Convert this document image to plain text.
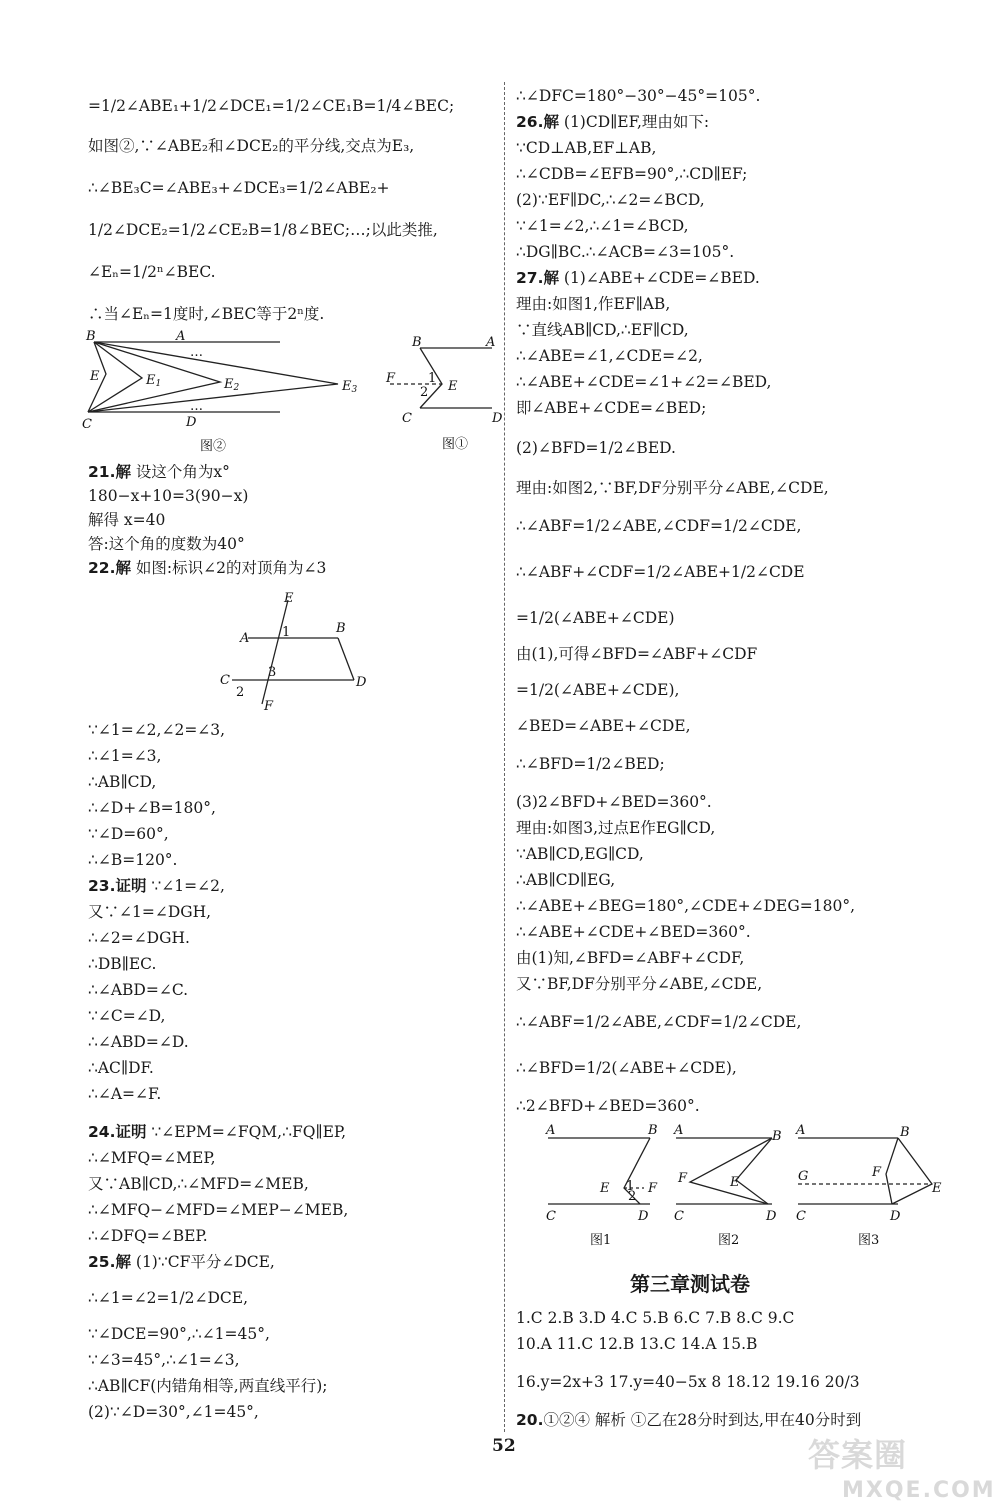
=1/2∠ABE₁+1/2∠DCE₁=1/2∠CE₁B=1/4∠BEC;
如图②,∵∠ABE₂和∠DCE₂的平分线,交点为E₃,
∴∠BE₃C=∠ABE₃+∠DCE₃=1/2∠ABE₂+
1/2∠DCE₂=1/2∠CE₂B=1/8∠BEC;…;以此类推,
∠Eₙ=1/2ⁿ∠BEC.
∴当∠Eₙ=1度时,∠BEC等于2ⁿ度.
21.解 设这个角为x°
180−x+10=3(90−x)
解得 x=40
答:这个角的度数为40°
22.解 如图:标识∠2的对顶角为∠3
∵∠1=∠2,∠2=∠3,
∴∠1=∠3,
∴AB∥CD,
∴∠D+∠B=180°,
∵∠D=60°,
∴∠B=120°.
23.证明 ∵∠1=∠2,
又∵∠1=∠DGH,
∴∠2=∠DGH.
∴DB∥EC.
∴∠ABD=∠C.
∵∠C=∠D,
∴∠ABD=∠D.
∴AC∥DF.
∴∠A=∠F.
24.证明 ∵∠EPM=∠FQM,∴FQ∥EP,
∴∠MFQ=∠MEP,
又∵AB∥CD,∴∠MFD=∠MEB,
∴∠MFQ−∠MFD=∠MEP−∠MEB,
∴∠DFQ=∠BEP.
25.解 (1)∵CF平分∠DCE,
∴∠1=∠2=1/2∠DCE,
∵∠DCE=90°,∴∠1=45°,
∵∠3=45°,∴∠1=∠3,
∴AB∥CF(内错角相等,两直线平行);
(2)∵∠D=30°,∠1=45°,
∴∠DFC=180°−30°−45°=105°.
26.解 (1)CD∥EF,理由如下:
∵CD⊥AB,EF⊥AB,
∴∠CDB=∠EFB=90°,∴CD∥EF;
(2)∵EF∥DC,∴∠2=∠BCD,
∵∠1=∠2,∴∠1=∠BCD,
∴DG∥BC.∴∠ACB=∠3=105°.
27.解 (1)∠ABE+∠CDE=∠BED.
理由:如图1,作EF∥AB,
∵直线AB∥CD,∴EF∥CD,
∴∠ABE=∠1,∠CDE=∠2,
∴∠ABE+∠CDE=∠1+∠2=∠BED,
即∠ABE+∠CDE=∠BED;
(2)∠BFD=1/2∠BED.
理由:如图2,∵BF,DF分别平分∠ABE,∠CDE,
∴∠ABF=1/2∠ABE,∠CDF=1/2∠CDE,
∴∠ABF+∠CDF=1/2∠ABE+1/2∠CDE
=1/2(∠ABE+∠CDE)
由(1),可得∠BFD=∠ABF+∠CDF
=1/2(∠ABE+∠CDE),
∠BED=∠ABE+∠CDE,
∴∠BFD=1/2∠BED;
(3)2∠BFD+∠BED=360°.
理由:如图3,过点E作EG∥CD,
∵AB∥CD,EG∥CD,
∴AB∥CD∥EG,
∴∠ABE+∠BEG=180°,∠CDE+∠DEG=180°,
∴∠ABE+∠CDE+∠BED=360°.
由(1)知,∠BFD=∠ABF+∠CDF,
又∵BF,DF分别平分∠ABE,∠CDE,
∴∠ABF=1/2∠ABE,∠CDF=1/2∠CDE,
∴∠BFD=1/2(∠ABE+∠CDE),
∴2∠BFD+∠BED=360°.
1.C 2.B 3.D 4.C 5.B 6.C 7.B 8.C 9.C
10.A 11.C 12.B 13.C 14.A 15.B
16.y=2x+3 17.y=40−5x 8 18.12 19.16 20/3
20.①②④ 解析 ①乙在28分时到达,甲在40分时到
B	A
…
…
E	E1	E2	E3
C	D
图②
B	A
F	1
2 E
C	D
图①
E
A
B
1
3
C	D
2
F
A	B
E 1
2
F
C	D
图1
A	B
F	E
C	D
图2
A	B
G	F
E
C	D
图3
第三章测试卷
52	答案圈
MXQE.COM
